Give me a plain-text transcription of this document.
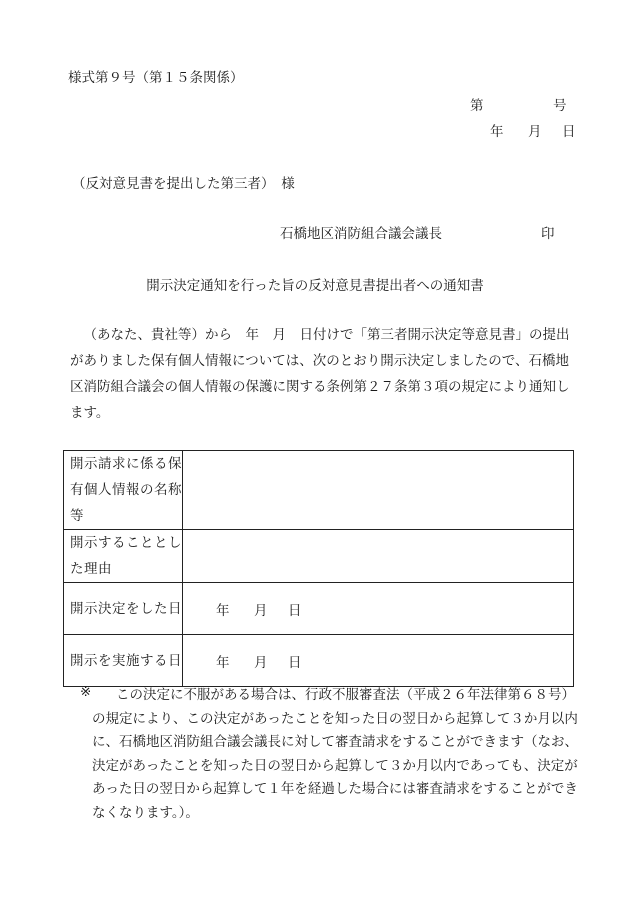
様式第９号（第１５条関係）
第	号
年 月 日
（反対意見書を提出した第三者）　様
石橋地区消防組合議会議長	印
開示決定通知を行った旨の反対意見書提出者への通知書
（あなた、貴社等）から　年　月　日付けで「第三者開示決定等意見書」の提出がありました保有個人情報については、次のとおり開示決定しましたので、石橋地区消防組合議会の個人情報の保護に関する条例第２７条第３項の規定により通知します。
開示請求に係る保有個人情報の名称等	
開示することとした理由	
開示決定をした日	年 月 日
開示を実施する日	年 月 日
※	この決定に不服がある場合は、行政不服審査法（平成２６年法律第６８号）
の規定により、この決定があったことを知った日の翌日から起算して３か月以内に、石橋地区消防組合議会議長に対して審査請求をすることができます（なお、決定があったことを知った日の翌日から起算して３か月以内であっても、決定があった日の翌日から起算して１年を経過した場合には審査請求をすることができなくなります。）。
